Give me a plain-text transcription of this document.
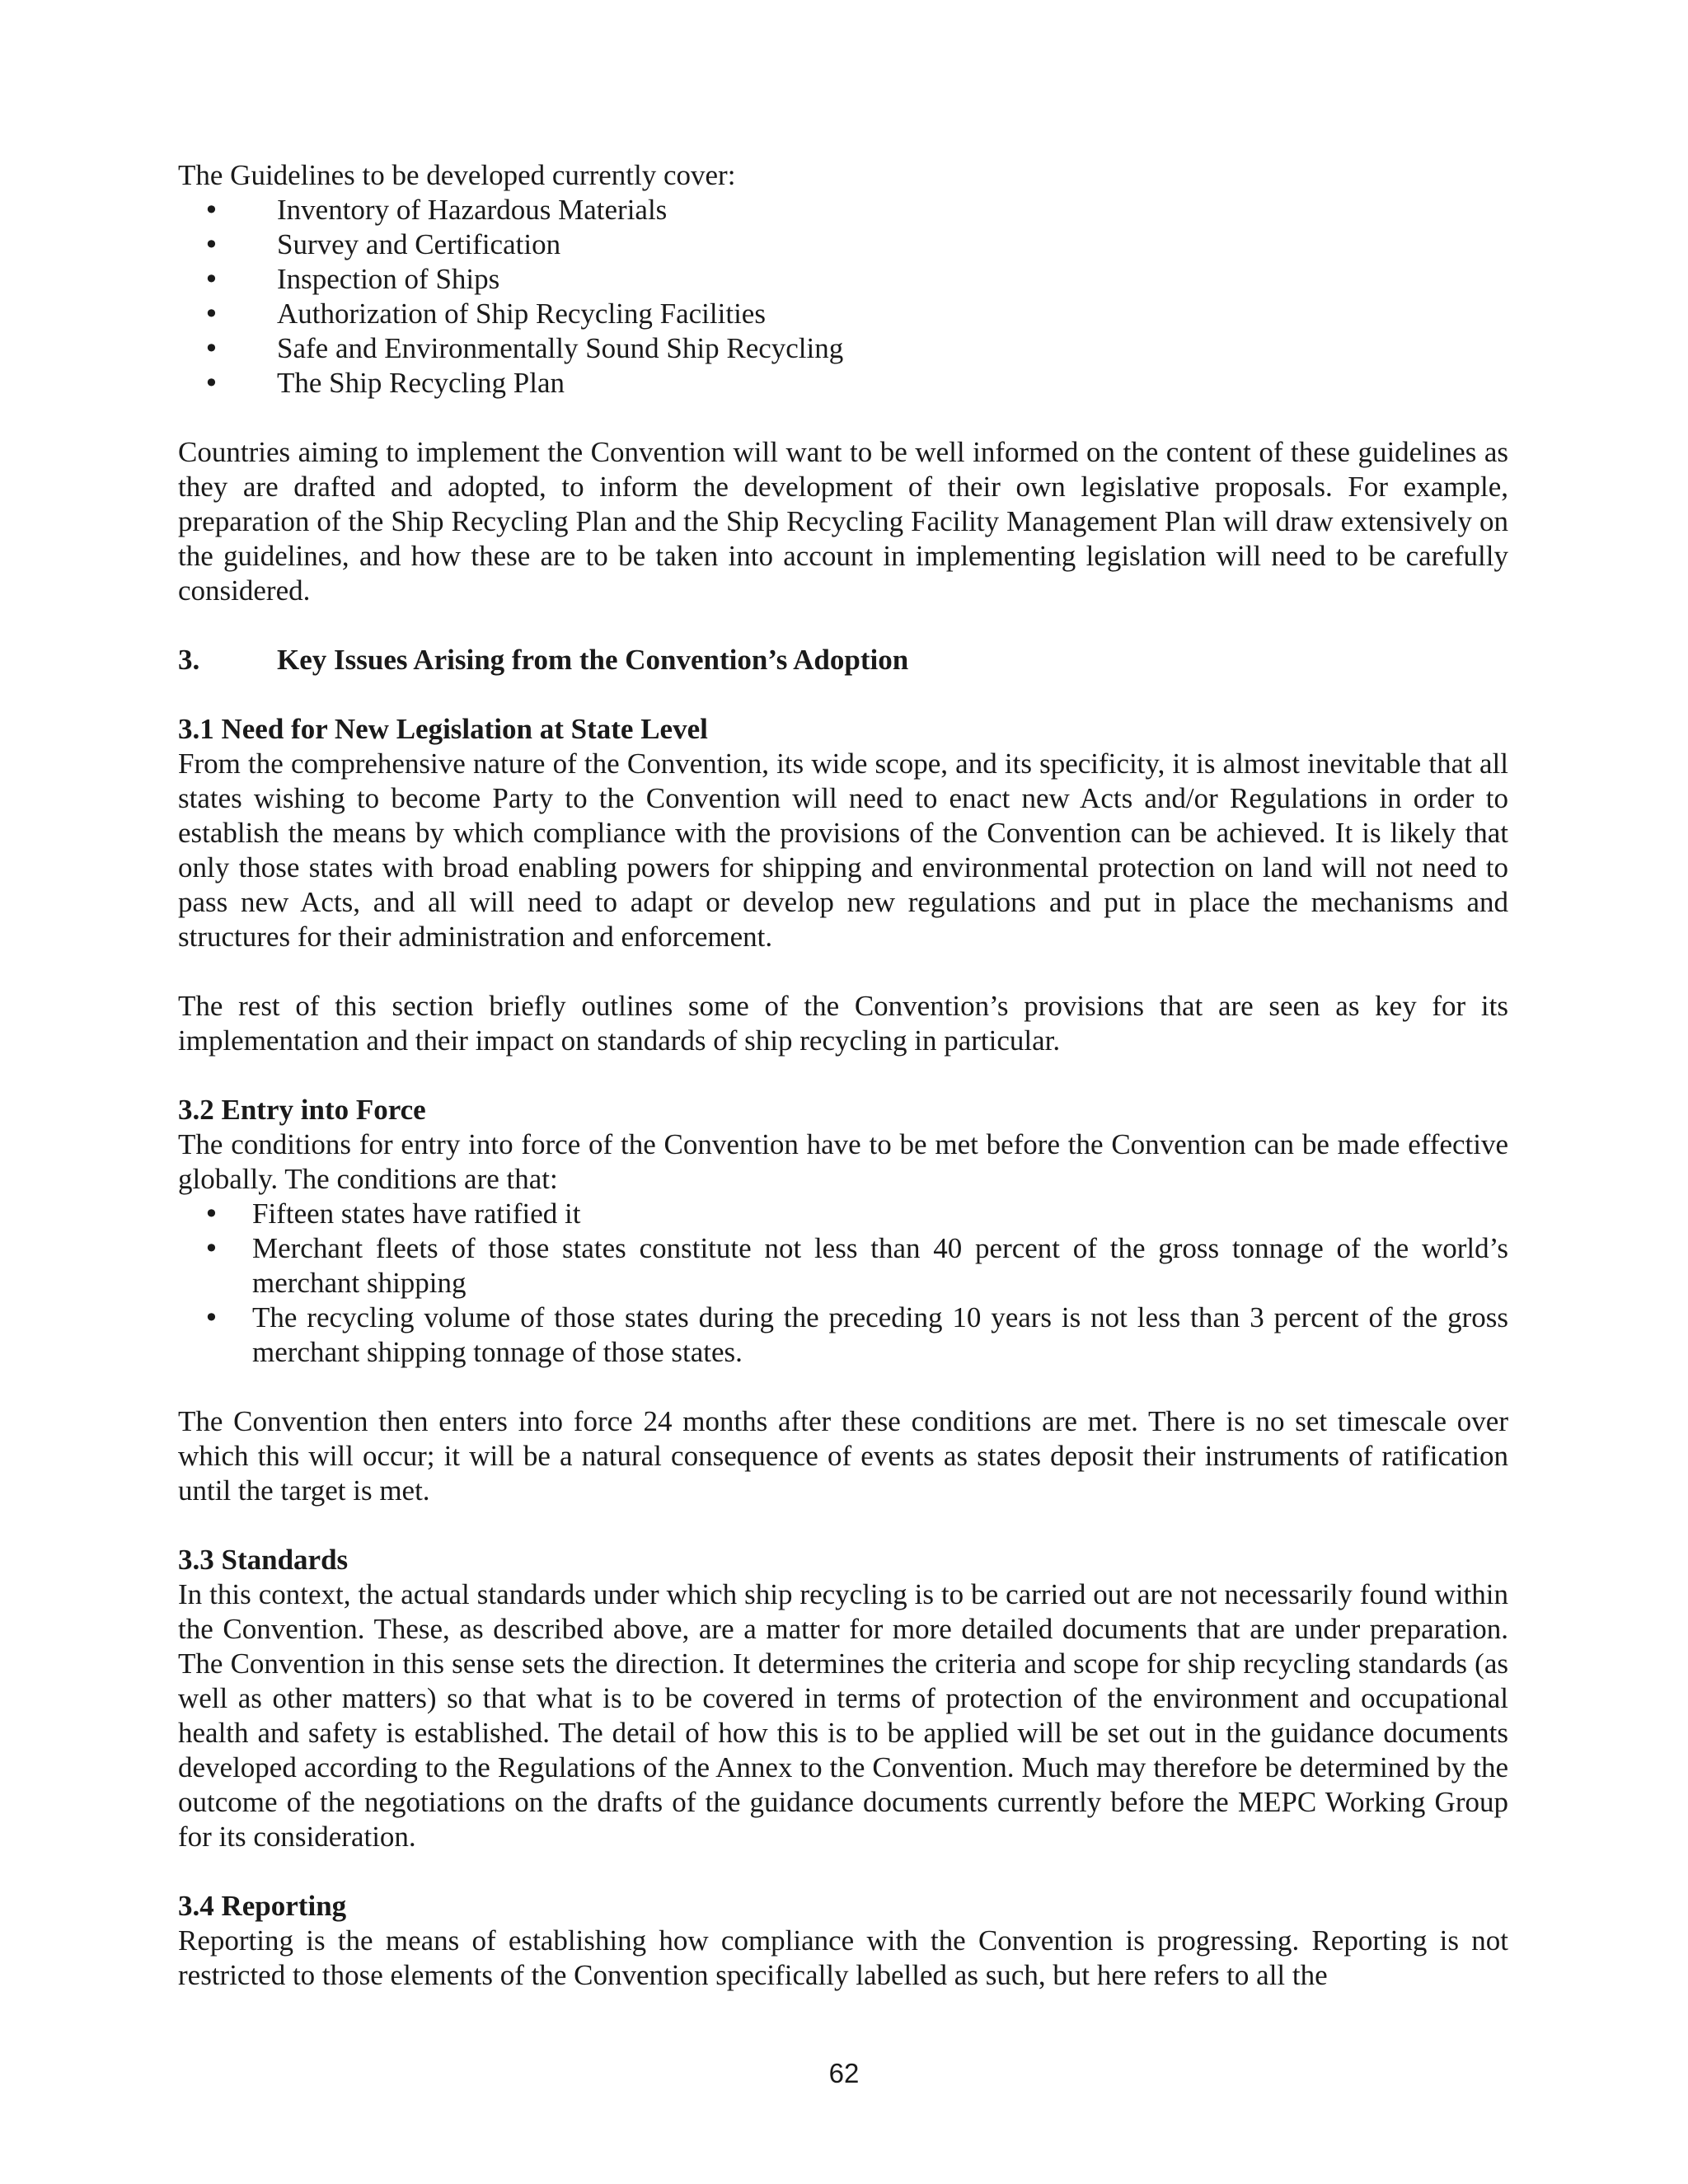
The Guidelines to be developed currently cover:

• Inventory of Hazardous Materials
• Survey and Certification
• Inspection of Ships
• Authorization of Ship Recycling Facilities
• Safe and Environmentally Sound Ship Recycling
• The Ship Recycling Plan

Countries aiming to implement the Convention will want to be well informed on the content of these guidelines as they are drafted and adopted, to inform the development of their own legislative proposals. For example, preparation of the Ship Recycling Plan and the Ship Recycling Facility Management Plan will draw extensively on the guidelines, and how these are to be taken into account in implementing legislation will need to be carefully considered.

3.	Key Issues Arising from the Convention’s Adoption
3.1 Need for New Legislation at State Level

From the comprehensive nature of the Convention, its wide scope, and its specificity, it is almost inevitable that all states wishing to become Party to the Convention will need to enact new Acts and/or Regulations in order to establish the means by which compliance with the provisions of the Convention can be achieved. It is likely that only those states with broad enabling powers for shipping and environmental protection on land will not need to pass new Acts, and all will need to adapt or develop new regulations and put in place the mechanisms and structures for their administration and enforcement.

The rest of this section briefly outlines some of the Convention’s provisions that are seen as key for its implementation and their impact on standards of ship recycling in particular.

3.2 Entry into Force

The conditions for entry into force of the Convention have to be met before the Convention can be made effective globally. The conditions are that:

• Fifteen states have ratified it
• Merchant fleets of those states constitute not less than 40 percent of the gross tonnage of the world’s merchant shipping
• The recycling volume of those states during the preceding 10 years is not less than 3 percent of the gross merchant shipping tonnage of those states.

The Convention then enters into force 24 months after these conditions are met. There is no set timescale over which this will occur; it will be a natural consequence of events as states deposit their instruments of ratification until the target is met.

3.3 Standards

In this context, the actual standards under which ship recycling is to be carried out are not necessarily found within the Convention. These, as described above, are a matter for more detailed documents that are under preparation. The Convention in this sense sets the direction. It determines the criteria and scope for ship recycling standards (as well as other matters) so that what is to be covered in terms of protection of the environment and occupational health and safety is established. The detail of how this is to be applied will be set out in the guidance documents developed according to the Regulations of the Annex to the Convention. Much may therefore be determined by the outcome of the negotiations on the drafts of the guidance documents currently before the MEPC Working Group for its consideration.

3.4 Reporting

Reporting is the means of establishing how compliance with the Convention is progressing. Reporting is not restricted to those elements of the Convention specifically labelled as such, but here refers to all the

62
